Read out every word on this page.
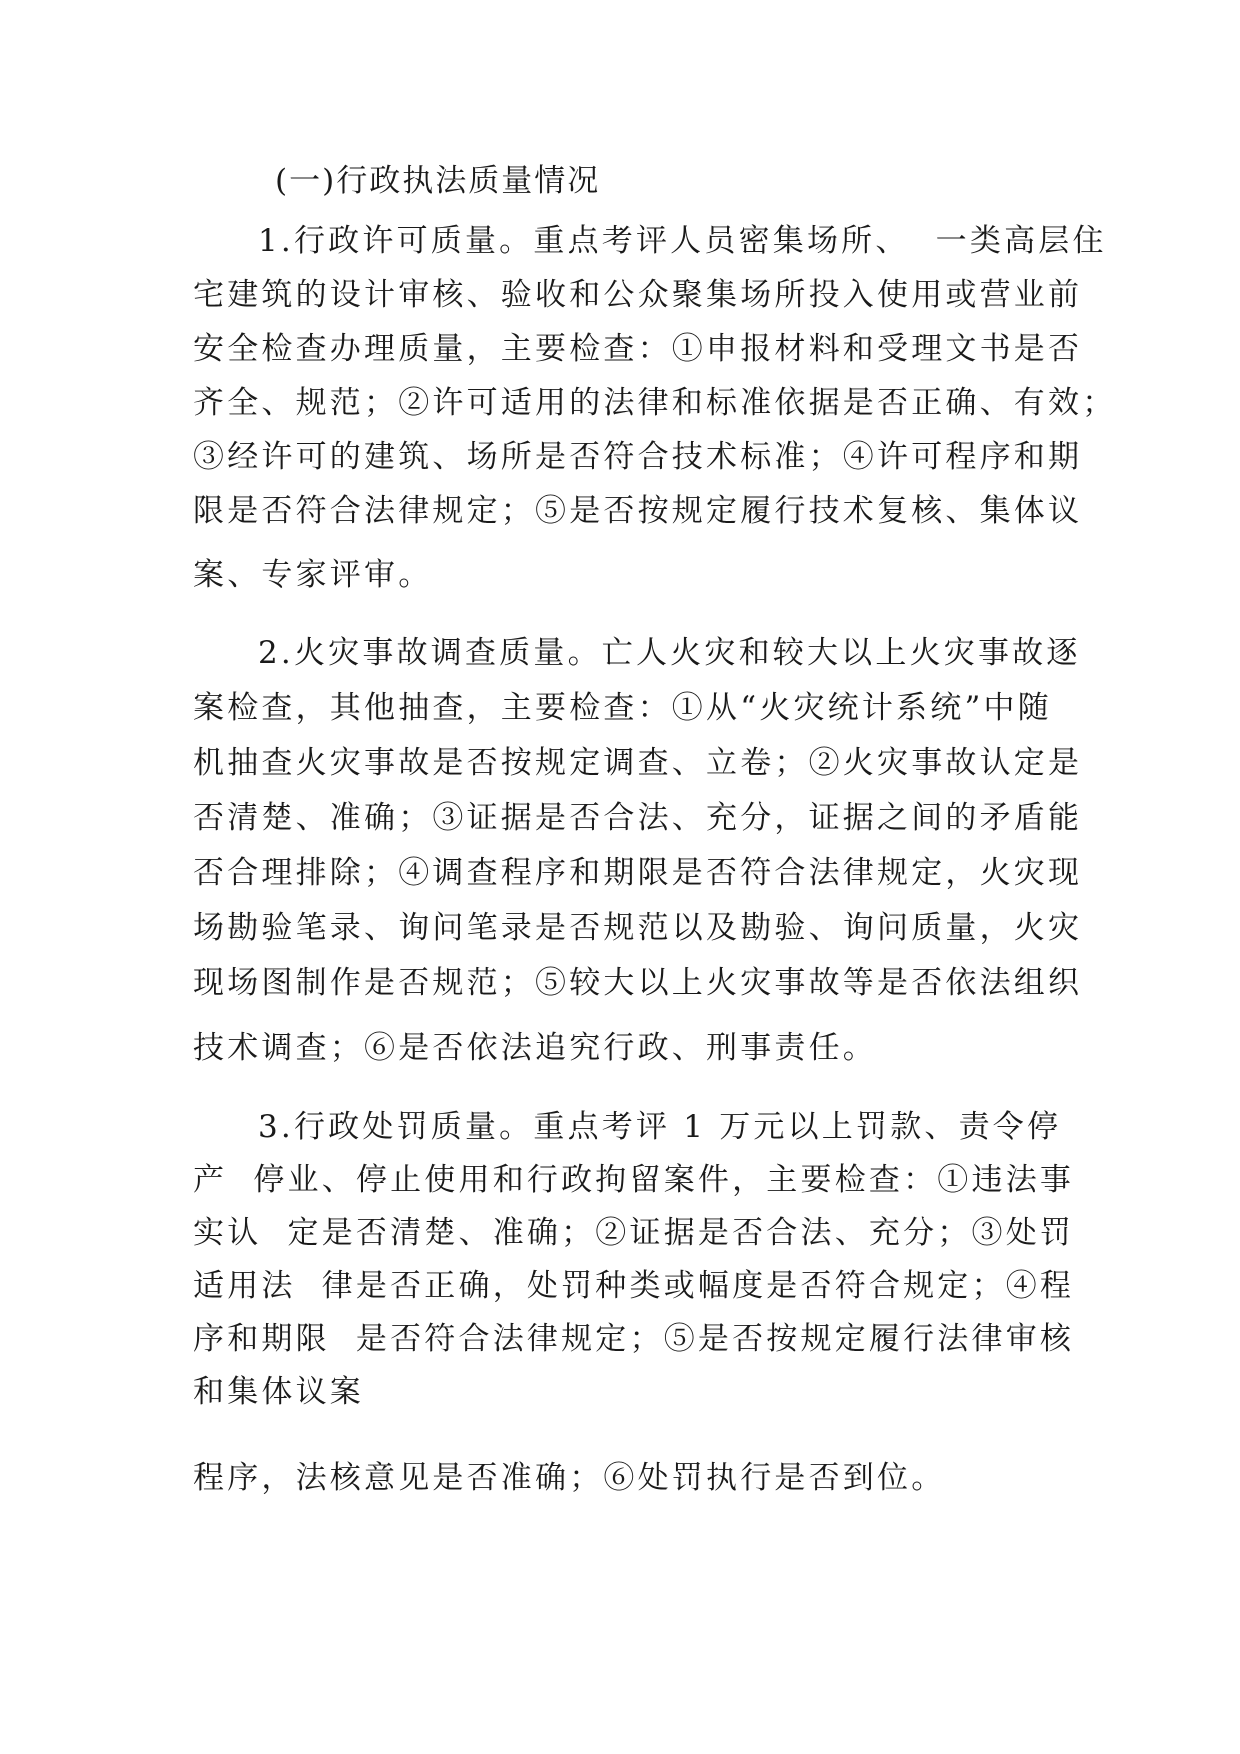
(一)行政执法质量情况

1.行政许可质量。重点考评人员密集场所、  一类高层住

宅建筑的设计审核、验收和公众聚集场所投入使用或营业前

安全检查办理质量，主要检查：①申报材料和受理文书是否

齐全、规范；②许可适用的法律和标准依据是否正确、有效；

③经许可的建筑、场所是否符合技术标准；④许可程序和期

限是否符合法律规定；⑤是否按规定履行技术复核、集体议

案、专家评审。

2.火灾事故调查质量。亡人火灾和较大以上火灾事故逐

案检查，其他抽查，主要检查：①从“火灾统计系统”中随

机抽查火灾事故是否按规定调查、立卷；②火灾事故认定是

否清楚、准确；③证据是否合法、充分，证据之间的矛盾能

否合理排除；④调查程序和期限是否符合法律规定，火灾现

场勘验笔录、询问笔录是否规范以及勘验、询问质量，火灾

现场图制作是否规范；⑤较大以上火灾事故等是否依法组织

技术调查；⑥是否依法追究行政、刑事责任。

3.行政处罚质量。重点考评 1 万元以上罚款、责令停

产  停业、停止使用和行政拘留案件，主要检查：①违法事

实认  定是否清楚、准确；②证据是否合法、充分；③处罚

适用法  律是否正确，处罚种类或幅度是否符合规定；④程

序和期限  是否符合法律规定；⑤是否按规定履行法律审核

和集体议案

程序，法核意见是否准确；⑥处罚执行是否到位。
